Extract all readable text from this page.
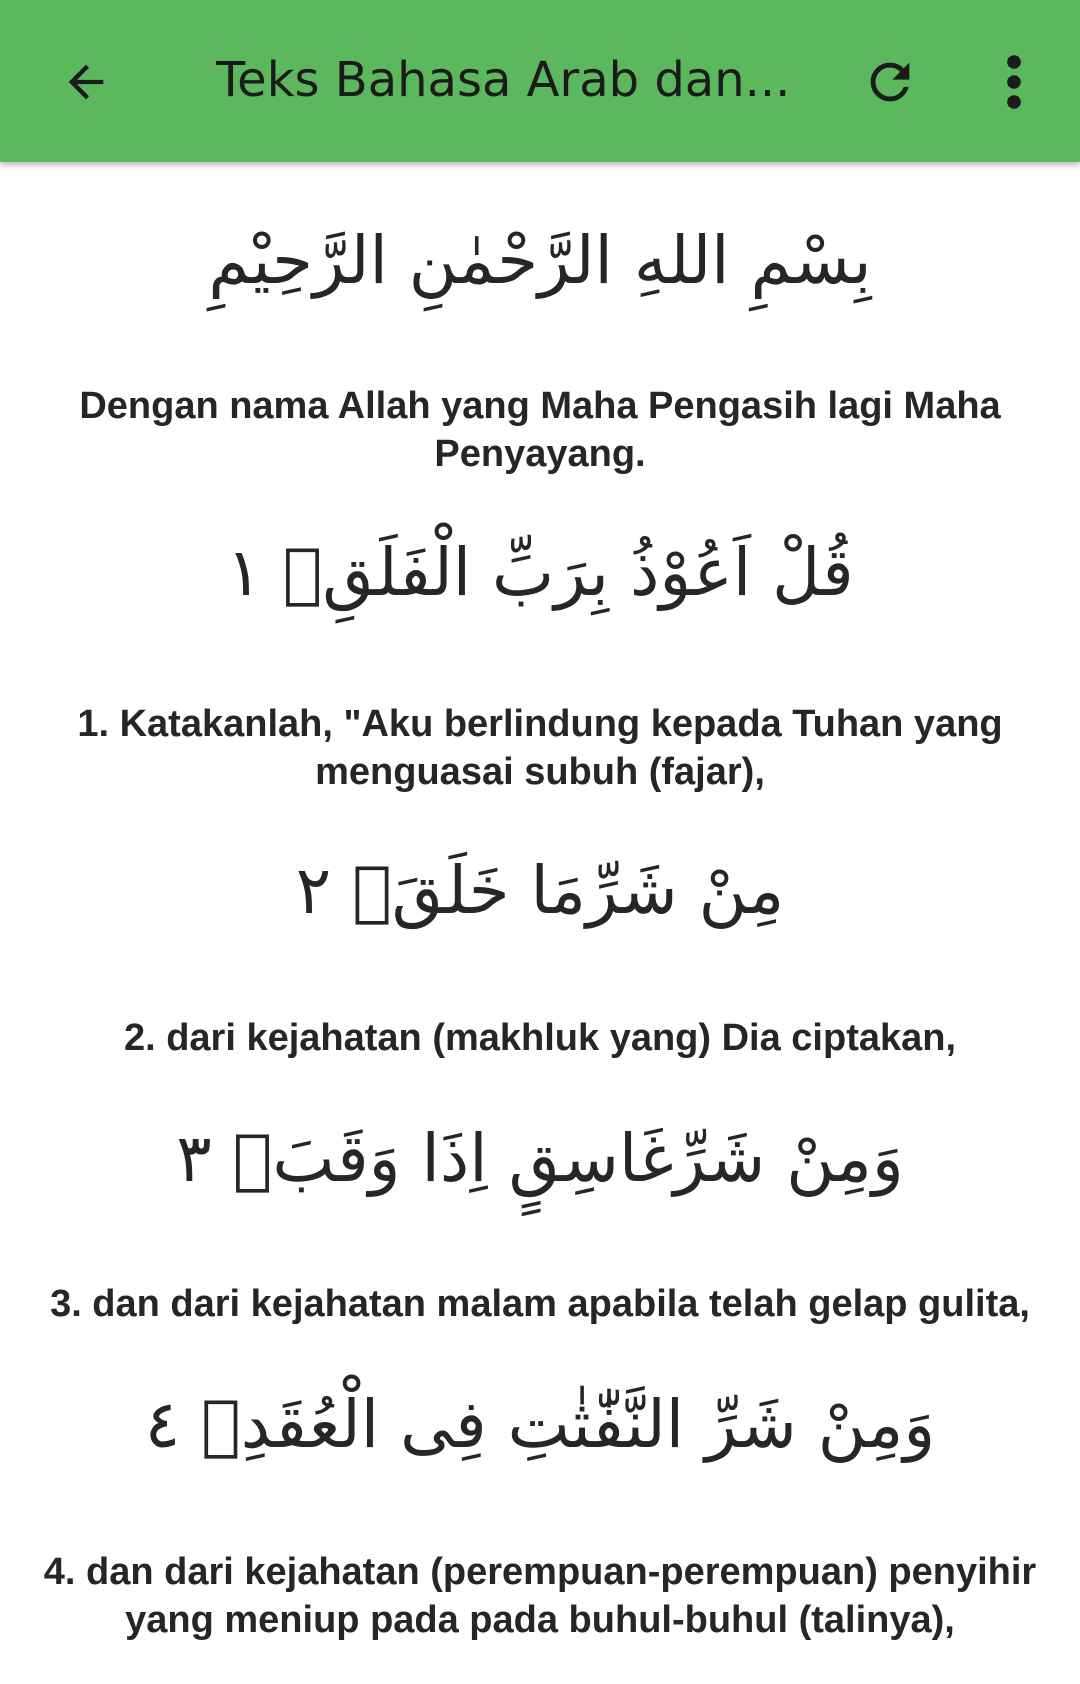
Teks Bahasa Arab dan...
بِسْمِ اللهِ الرَّحْمٰنِ الرَّحِيْمِ
Dengan nama Allah yang Maha Pengasih lagi Maha Penyayang.
قُلْ اَعُوْذُ بِرَبِّ الْفَلَقِۙ ١
1. Katakanlah, "Aku berlindung kepada Tuhan yang menguasai subuh (fajar),
مِنْ شَرِّمَا خَلَقَۙ ٢
2. dari kejahatan (makhluk yang) Dia ciptakan,
وَمِنْ شَرِّغَاسِقٍ اِذَا وَقَبَۙ ٣
3. dan dari kejahatan malam apabila telah gelap gulita,
وَمِنْ شَرِّ النَّفّٰثٰتِ فِى الْعُقَدِۙ ٤
4. dan dari kejahatan (perempuan-perempuan) penyihir yang meniup pada pada buhul-buhul (talinya),
